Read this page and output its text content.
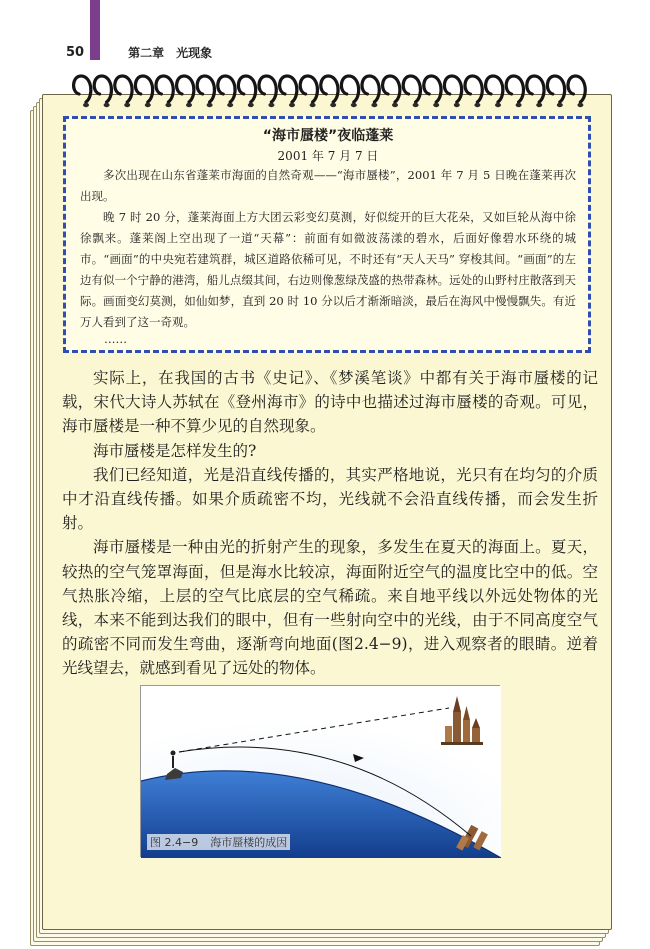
50	第二章　光现象
“海市蜃楼”夜临蓬莱
2001 年 7 月 7 日

多次出现在山东省蓬莱市海面的自然奇观——“海市蜃楼”，2001 年 7 月 5 日晚在蓬莱再次出现。

晚 7 时 20 分，蓬莱海面上方大团云彩变幻莫测，好似绽开的巨大花朵，又如巨轮从海中徐徐飘来。蓬莱阁上空出现了一道“天幕”：前面有如微波荡漾的碧水，后面好像碧水环绕的城市。“画面”的中央宛若建筑群，城区道路依稀可见，不时还有“天人天马” 穿梭其间。“画面”的左边有似一个宁静的港湾，船儿点缀其间，右边则像葱绿茂盛的热带森林。远处的山野村庄散落到天际。画面变幻莫测，如仙如梦，直到 20 时 10 分以后才渐渐暗淡，最后在海风中慢慢飘失。有近万人看到了这一奇观。

……

实际上，在我国的古书《史记》、《梦溪笔谈》中都有关于海市蜃楼的记载，宋代大诗人苏轼在《登州海市》的诗中也描述过海市蜃楼的奇观。可见，海市蜃楼是一种不算少见的自然现象。

海市蜃楼是怎样发生的?

我们已经知道，光是沿直线传播的，其实严格地说，光只有在均匀的介质中才沿直线传播。如果介质疏密不均，光线就不会沿直线传播，而会发生折射。

海市蜃楼是一种由光的折射产生的现象，多发生在夏天的海面上。夏天，较热的空气笼罩海面，但是海水比较凉，海面附近空气的温度比空中的低。空气热胀冷缩，上层的空气比底层的空气稀疏。来自地平线以外远处物体的光线，本来不能到达我们的眼中，但有一些射向空中的光线，由于不同高度空气的疏密不同而发生弯曲，逐渐弯向地面(图2.4−9)，进入观察者的眼睛。逆着光线望去，就感到看见了远处的物体。

图 2.4−9 海市蜃楼的成因
